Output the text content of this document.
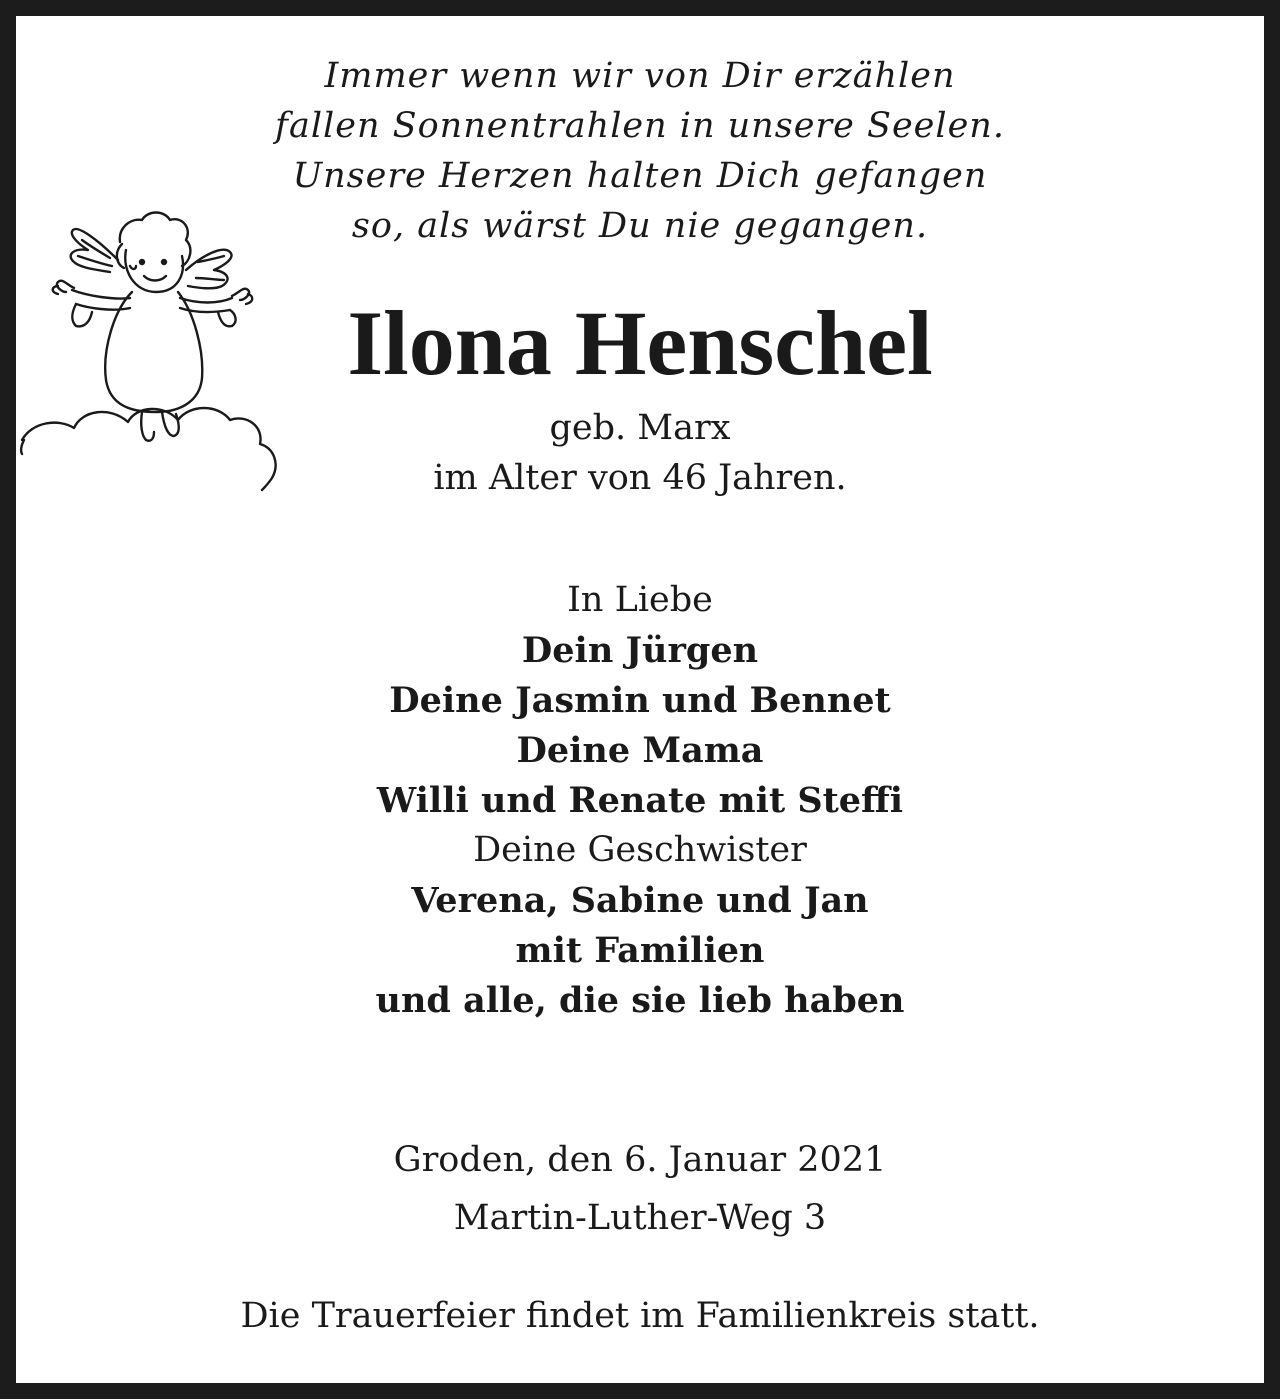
Immer wenn wir von Dir erzählen
fallen Sonnentrahlen in unsere Seelen.
Unsere Herzen halten Dich gefangen
so, als wärst Du nie gegangen.
Ilona Henschel
geb. Marx
im Alter von 46 Jahren.
In Liebe
Dein Jürgen
Deine Jasmin und Bennet
Deine Mama
Willi und Renate mit Steffi
Deine Geschwister
Verena, Sabine und Jan
mit Familien
und alle, die sie lieb haben
Groden, den 6. Januar 2021
Martin-Luther-Weg 3
Die Trauerfeier findet im Familienkreis statt.
